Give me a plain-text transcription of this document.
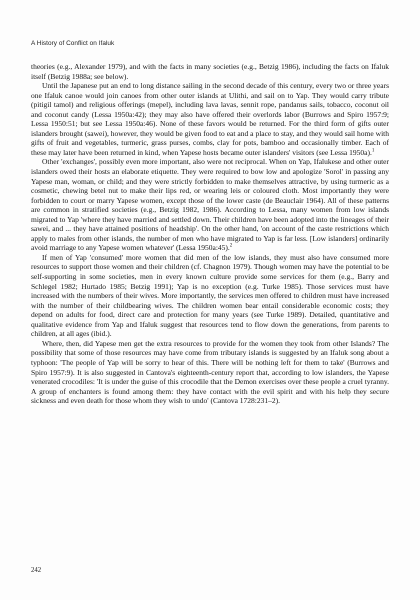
A History of Conflict on Ifaluk

theories (e.g., Alexander 1979), and with the facts in many societies (e.g., Betzig 1986), including the facts on Ifaluk itself (Betzig 1988a; see below).

Until the Japanese put an end to long distance sailing in the second decade of this century, every two or three years one Ifaluk canoe would join canoes from other outer islands at Ulithi, and sail on to Yap. They would carry tribute (pitigil tamol) and religious offerings (mepel), including lava lavas, sennit rope, pandanus sails, tobacco, coconut oil and coconut candy (Lessa 1950a:42); they may also have offered their overlords labor (Burrows and Spiro 1957:9; Lessa 1950:51; but see Lessa 1950a:46). None of these favors would be returned. For the third form of gifts outer islanders brought (sawei), however, they would be given food to eat and a place to stay, and they would sail home with gifts of fruit and vegetables, turmeric, grass purses, combs, clay for pots, bamboo and occasionally timber. Each of these may later have been returned in kind, when Yapese hosts became outer islanders' visitors (see Lessa 1950a).$^1$

Other 'exchanges', possibly even more important, also were not reciprocal. When on Yap, Ifalukese and other outer islanders owed their hosts an elaborate etiquette. They were required to bow low and apologize 'Sorol' in passing any Yapese man, woman, or child; and they were strictly forbidden to make themselves attractive, by using turmeric as a cosmetic, chewing betel nut to make their lips red, or wearing leis or coloured cloth. Most importantly they were forbidden to court or marry Yapese women, except those of the lower caste (de Beauclair 1964). All of these patterns are common in stratified societies (e.g., Betzig 1982, 1986). According to Lessa, many women from low islands migrated to Yap 'where they have married and settled down. Their children have been adopted into the lineages of their sawei, and ... they have attained positions of headship'. On the other hand, 'on account of the caste restrictions which apply to males from other islands, the number of men who have migrated to Yap is far less. [Low islanders] ordinarily avoid marriage to any Yapese women whatever' (Lessa 1950a:45).$^2$

If men of Yap 'consumed' more women that did men of the low islands, they must also have consumed more resources to support those women and their children (cf. Chagnon 1979). Though women may have the potential to be self-supporting in some societies, men in every known culture provide some services for them (e.g., Barry and Schlegel 1982; Hurtado 1985; Betzig 1991); Yap is no exception (e.g. Turke 1985). Those services must have increased with the numbers of their wives. More importantly, the services men offered to children must have increased with the number of their childbearing wives. The children women bear entail considerable economic costs; they depend on adults for food, direct care and protection for many years (see Turke 1989). Detailed, quantitative and qualitative evidence from Yap and Ifaluk suggest that resources tend to flow down the generations, from parents to children, at all ages (ibid.).

Where, then, did Yapese men get the extra resources to provide for the women they took from other Islands? The possibility that some of those resources may have come from tributary islands is suggested by an Ifaluk song about a typhoon: 'The people of Yap will be sorry to hear of this. There will be nothing left for them to take' (Burrows and Spiro 1957:9). It is also suggested in Cantova's eighteenth-century report that, according to low islanders, the Yapese venerated crocodiles: 'It is under the guise of this crocodile that the Demon exercises over these people a cruel tyranny. A group of enchanters is found among them: they have contact with the evil spirit and with his help they secure sickness and even death for those whom they wish to undo' (Cantova 1728:231–2).

242
